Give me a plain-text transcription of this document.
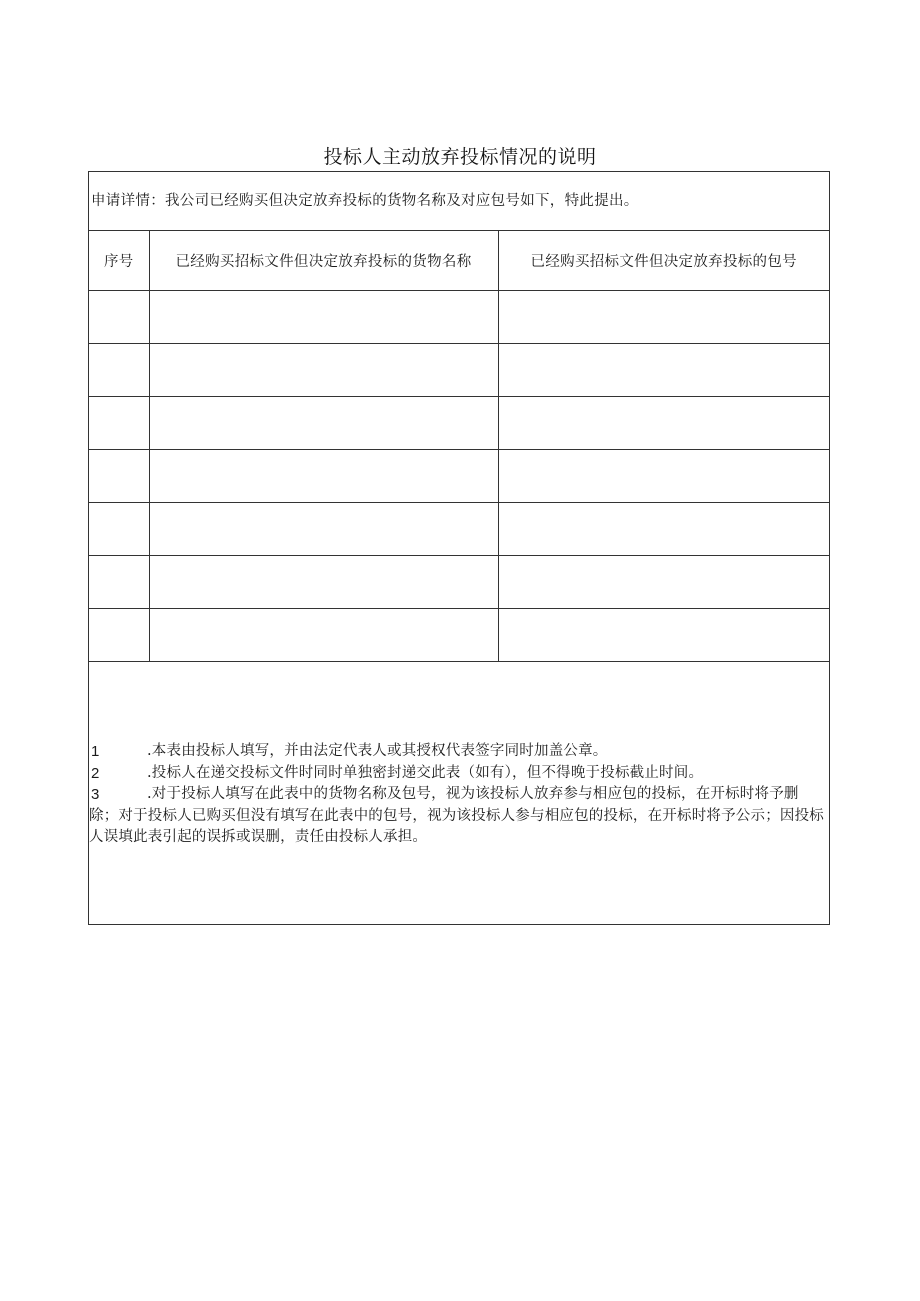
投标人主动放弃投标情况的说明
申请详情：我公司已经购买但决定放弃投标的货物名称及对应包号如下，特此提出。
序号	已经购买招标文件但决定放弃投标的货物名称	已经购买招标文件但决定放弃投标的包号

1	.本表由投标人填写，并由法定代表人或其授权代表签字同时加盖公章。
2	.投标人在递交投标文件时同时单独密封递交此表（如有），但不得晚于投标截止时间。
3	.对于投标人填写在此表中的货物名称及包号，视为该投标人放弃参与相应包的投标，在开标时将予删除；对于投标人已购买但没有填写在此表中的包号，视为该投标人参与相应包的投标，在开标时将予公示；因投标人误填此表引起的误拆或误删，责任由投标人承担。
